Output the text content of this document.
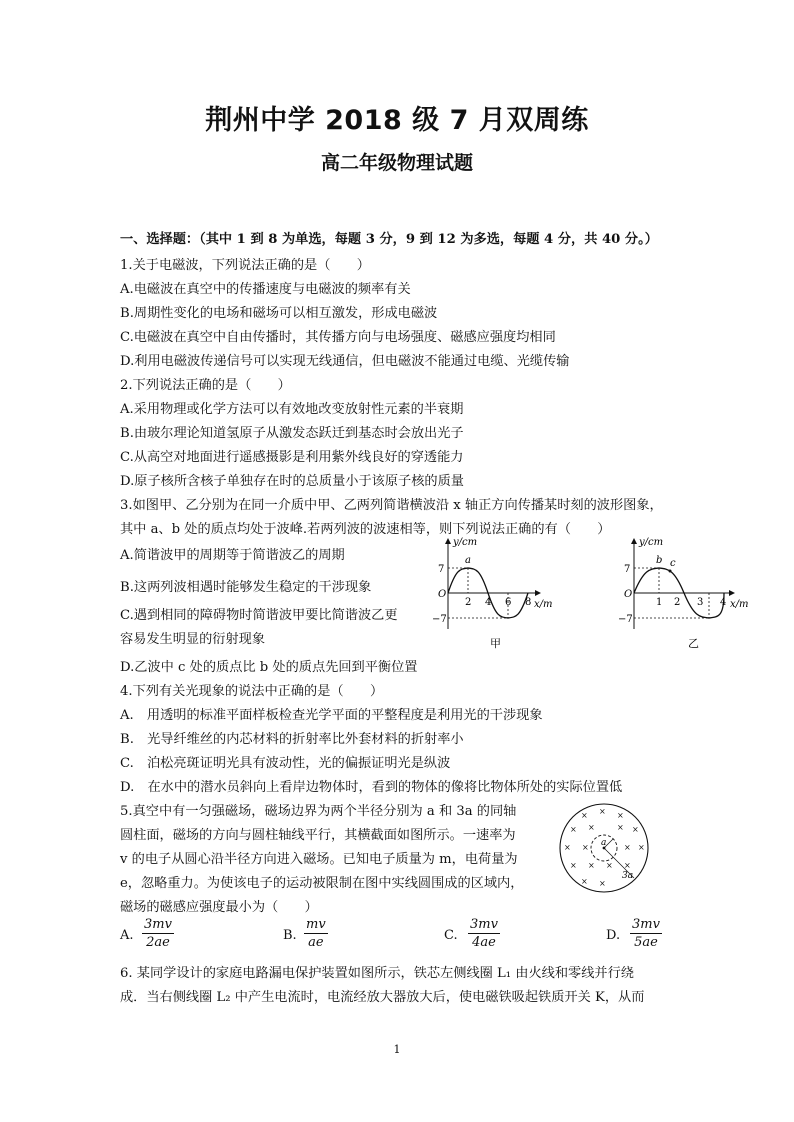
荆州中学 2018 级 7 月双周练
高二年级物理试题
一、选择题：（其中 1 到 8 为单选，每题 3 分，9 到 12 为多选，每题 4 分，共 40 分。）
1.关于电磁波，下列说法正确的是（　　）
A.电磁波在真空中的传播速度与电磁波的频率有关
B.周期性变化的电场和磁场可以相互激发，形成电磁波
C.电磁波在真空中自由传播时，其传播方向与电场强度、磁感应强度均相同
D.利用电磁波传递信号可以实现无线通信，但电磁波不能通过电缆、光缆传输
2.下列说法正确的是（　　）
A.采用物理或化学方法可以有效地改变放射性元素的半衰期
B.由玻尔理论知道氢原子从激发态跃迁到基态时会放出光子
C.从高空对地面进行遥感摄影是利用紫外线良好的穿透能力
D.原子核所含核子单独存在时的总质量小于该原子核的质量
3.如图甲、乙分别为在同一介质中甲、乙两列简谐横波沿 x 轴正方向传播某时刻的波形图象，
其中 a、b 处的质点均处于波峰.若两列波的波速相等，则下列说法正确的有（　　）
A.简谐波甲的周期等于简谐波乙的周期
B.这两列波相遇时能够发生稳定的干涉现象
C.遇到相同的障碍物时简谐波甲要比简谐波乙更
容易发生明显的衍射现象
D.乙波中 c 处的质点比 b 处的质点先回到平衡位置
y/cm
x/m
O
7
−7
2 4 6 8
a
甲
y/cm
x/m
O
7
−7
1 2 3 4
b c
乙
4.下列有关光现象的说法中正确的是（　　）
A.　用透明的标准平面样板检查光学平面的平整程度是利用光的干涉现象
B.　光导纤维丝的内芯材料的折射率比外套材料的折射率小
C.　泊松亮斑证明光具有波动性，光的偏振证明光是纵波
D.　在水中的潜水员斜向上看岸边物体时，看到的物体的像将比物体所处的实际位置低
5.真空中有一匀强磁场，磁场边界为两个半径分别为 a 和 3a 的同轴
圆柱面，磁场的方向与圆柱轴线平行，其横截面如图所示。一速率为
v 的电子从圆心沿半径方向进入磁场。已知电子质量为 m，电荷量为
e，忽略重力。为使该电子的运动被限制在图中实线圆围成的区域内，
磁场的磁感应强度最小为（　　）
× × ×
× ×	× ×
× ×	× ×
× × × ×
× ×
a
3a
A. $\frac{3mv}{2ae}$	B. $\frac{mv}{ae}$	C. $\frac{3mv}{4ae}$	D. $\frac{3mv}{5ae}$
6. 某同学设计的家庭电路漏电保护装置如图所示，铁芯左侧线圈 L₁ 由火线和零线并行绕
成．当右侧线圈 L₂ 中产生电流时，电流经放大器放大后，使电磁铁吸起铁质开关 K，从而
1
